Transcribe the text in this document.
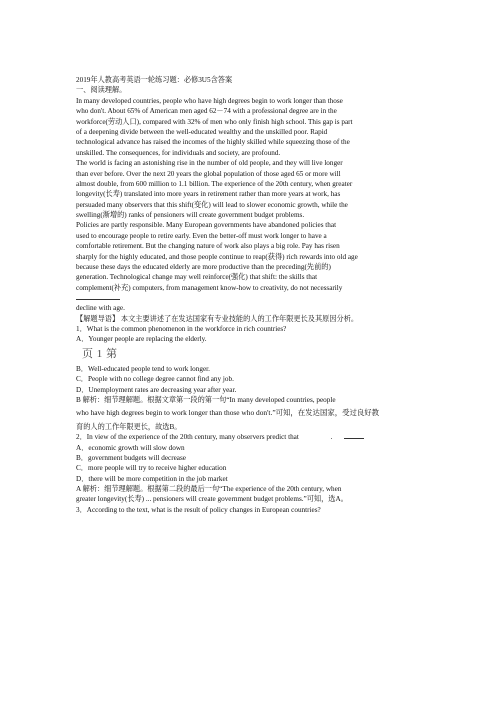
2019年人教高考英语一轮练习题：必修3U5含答案
一、阅读理解。
In many developed countries, people who have high degrees begin to work longer than those
who don't. About 65% of American men aged 62－74 with a professional degree are in the
workforce(劳动人口), compared with 32% of men who only finish high school. This gap is part
of a deepening divide between the well-educated wealthy and the unskilled poor. Rapid
technological advance has raised the incomes of the highly skilled while squeezing those of the
unskilled. The consequences, for individuals and society, are profound.
The world is facing an astonishing rise in the number of old people, and they will live longer
than ever before. Over the next 20 years the global population of those aged 65 or more will
almost double, from 600 million to 1.1 billion. The experience of the 20th century, when greater
longevity(长寿) translated into more years in retirement rather than more years at work, has
persuaded many observers that this shift(变化) will lead to slower economic growth, while the
swelling(渐增的) ranks of pensioners will create government budget problems.
Policies are partly responsible. Many European governments have abandoned policies that
used to encourage people to retire early. Even the better-off must work longer to have a
comfortable retirement. But the changing nature of work also plays a big role. Pay has risen
sharply for the highly educated, and those people continue to reap(获得) rich rewards into old age
because these days the educated elderly are more productive than the preceding(先前的)
generation. Technological change may well reinforce(强化) that shift: the skills that
complement(补充) computers, from management know-how to creativity, do not necessarily
decline with age.
【解题导语】 本文主要讲述了在发达国家有专业技能的人的工作年限更长及其原因分析。
1．What is the common phenomenon in the workforce in rich countries?
A．Younger people are replacing the elderly.
页 1 第
B．Well-educated people tend to work longer.
C．People with no college degree cannot find any job.
D．Unemployment rates are decreasing year after year.
B 解析：细节理解题。根据文章第一段的第一句“In many developed countries, people
who have high degrees begin to work longer than those who don't.”可知，在发达国家，受过良好教
育的人的工作年限更长，故选B。
2．In view of the experience of the 20th century, many observers predict that	.
A．economic growth will slow down
B．government budgets will decrease
C．more people will try to receive higher education
D．there will be more competition in the job market
A 解析：细节理解题。根据第二段的最后一句“The experience of the 20th century, when
greater longevity(长寿) ... pensioners will create government budget problems.”可知，选A。
3．According to the text, what is the result of policy changes in European countries?
